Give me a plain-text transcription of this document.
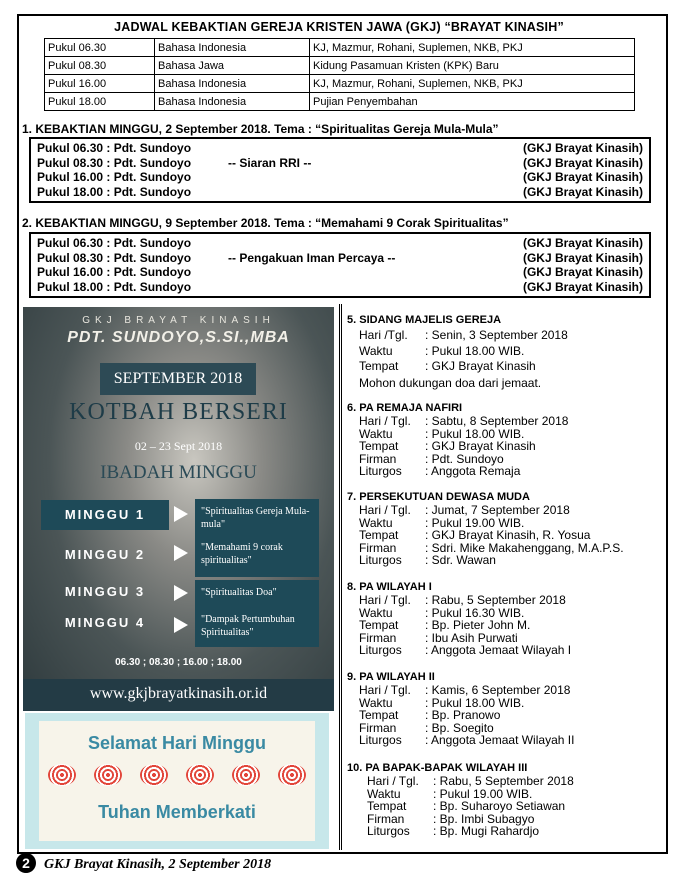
JADWAL KEBAKTIAN GEREJA KRISTEN JAWA (GKJ) “BRAYAT KINASIH”
Pukul 06.30	Bahasa Indonesia	KJ, Mazmur, Rohani, Suplemen, NKB, PKJ
Pukul 08.30	Bahasa Jawa	Kidung Pasamuan Kristen (KPK) Baru
Pukul 16.00	Bahasa Indonesia	KJ, Mazmur, Rohani, Suplemen, NKB, PKJ
Pukul 18.00	Bahasa Indonesia	Pujian Penyembahan
1. KEBAKTIAN MINGGU, 2 September 2018. Tema : “Spiritualitas Gereja Mula-Mula”
Pukul 06.30 : Pdt. Sundoyo	(GKJ Brayat Kinasih)
Pukul 08.30 : Pdt. Sundoyo	-- Siaran RRI --	(GKJ Brayat Kinasih)
Pukul 16.00 : Pdt. Sundoyo	(GKJ Brayat Kinasih)
Pukul 18.00 : Pdt. Sundoyo	(GKJ Brayat Kinasih)
2. KEBAKTIAN MINGGU, 9 September 2018. Tema : “Memahami 9 Corak Spiritualitas”
Pukul 06.30 : Pdt. Sundoyo	(GKJ Brayat Kinasih)
Pukul 08.30 : Pdt. Sundoyo	-- Pengakuan Iman Percaya --	(GKJ Brayat Kinasih)
Pukul 16.00 : Pdt. Sundoyo	(GKJ Brayat Kinasih)
Pukul 18.00 : Pdt. Sundoyo	(GKJ Brayat Kinasih)
GKJ BRAYAT KINASIH
PDT. SUNDOYO,S.SI.,MBA
SEPTEMBER 2018
KOTBAH BERSERI
02 – 23 Sept 2018
IBADAH MINGGU
MINGGU 1	"Spiritualitas Gereja Mula-mula"
MINGGU 2	"Memahami 9 corak spiritualitas"
MINGGU 3	"Spiritualitas Doa"
MINGGU 4	"Dampak Pertumbuhan Spiritualitas"
06.30 ; 08.30 ; 16.00 ; 18.00
www.gkjbrayatkinasih.or.id
Selamat Hari Minggu
Tuhan Memberkati
5. SIDANG MAJELIS GEREJA
Hari /Tgl. : Senin, 3 September 2018
Waktu	: Pukul 18.00 WIB.
Tempat : GKJ Brayat Kinasih
Mohon dukungan doa dari jemaat.
6. PA REMAJA NAFIRI
Hari / Tgl. : Sabtu, 8 September 2018
Waktu	: Pukul 18.00 WIB.
Tempat : GKJ Brayat Kinasih
Firman : Pdt. Sundoyo
Liturgos : Anggota Remaja
7. PERSEKUTUAN DEWASA MUDA
Hari / Tgl. : Jumat, 7 September 2018
Waktu	: Pukul 19.00 WIB.
Tempat : GKJ Brayat Kinasih, R. Yosua
Firman : Sdri. Mike Makahenggang, M.A.P.S.
Liturgos : Sdr. Wawan
8. PA WILAYAH I
Hari / Tgl. : Rabu, 5 September 2018
Waktu	: Pukul 16.30 WIB.
Tempat : Bp. Pieter John M.
Firman : Ibu Asih Purwati
Liturgos : Anggota Jemaat Wilayah I
9. PA WILAYAH II
Hari / Tgl. : Kamis, 6 September 2018
Waktu	: Pukul 18.00 WIB.
Tempat : Bp. Pranowo
Firman : Bp. Soegito
Liturgos : Anggota Jemaat Wilayah II
10. PA BAPAK-BAPAK WILAYAH III
Hari / Tgl. : Rabu, 5 September 2018
Waktu	: Pukul 19.00 WIB.
Tempat : Bp. Suharoyo Setiawan
Firman : Bp. Imbi Subagyo
Liturgos : Bp. Mugi Rahardjo
2 GKJ Brayat Kinasih, 2 September 2018
